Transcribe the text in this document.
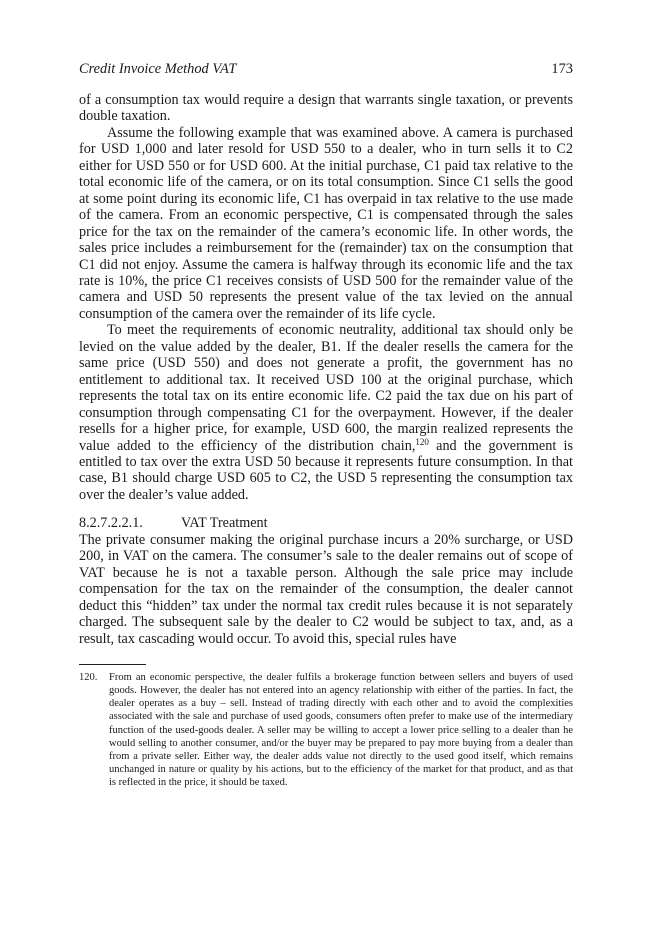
Credit Invoice Method VAT	173

of a consumption tax would require a design that warrants single taxation, or prevents double taxation.

Assume the following example that was examined above. A camera is purchased for USD 1,000 and later resold for USD 550 to a dealer, who in turn sells it to C2 either for USD 550 or for USD 600. At the initial purchase, C1 paid tax relative to the total economic life of the camera, or on its total consumption. Since C1 sells the good at some point during its economic life, C1 has overpaid in tax relative to the use made of the camera. From an economic perspective, C1 is compensated through the sales price for the tax on the remainder of the camera’s economic life. In other words, the sales price includes a reimbursement for the (remainder) tax on the consumption that C1 did not enjoy. Assume the camera is halfway through its economic life and the tax rate is 10%, the price C1 receives consists of USD 500 for the remainder value of the camera and USD 50 represents the present value of the tax levied on the annual consumption of the camera over the remainder of its life cycle.

To meet the requirements of economic neutrality, additional tax should only be levied on the value added by the dealer, B1. If the dealer resells the camera for the same price (USD 550) and does not generate a profit, the government has no entitlement to additional tax. It received USD 100 at the original purchase, which represents the total tax on its entire economic life. C2 paid the tax due on his part of consumption through compensating C1 for the overpayment. However, if the dealer resells for a higher price, for example, USD 600, the margin realized represents the value added to the efficiency of the distribution chain,$^{120}$ and the government is entitled to tax over the extra USD 50 because it represents future consumption. In that case, B1 should charge USD 605 to C2, the USD 5 representing the consumption tax over the dealer’s value added.

8.2.7.2.2.1.	VAT Treatment

The private consumer making the original purchase incurs a 20% surcharge, or USD 200, in VAT on the camera. The consumer’s sale to the dealer remains out of scope of VAT because he is not a taxable person. Although the sale price may include compensation for the tax on the remainder of the consumption, the dealer cannot deduct this “hidden” tax under the normal tax credit rules because it is not separately charged. The subsequent sale by the dealer to C2 would be subject to tax, and, as a result, tax cascading would occur. To avoid this, special rules have

120.	From an economic perspective, the dealer fulfils a brokerage function between sellers and buyers of used goods. However, the dealer has not entered into an agency relationship with either of the parties. In fact, the dealer operates as a buy – sell. Instead of trading directly with each other and to avoid the complexities associated with the sale and purchase of used goods, consumers often prefer to make use of the intermediary function of the used-goods dealer. A seller may be willing to accept a lower price selling to a dealer than he would selling to another consumer, and/or the buyer may be prepared to pay more buying from a dealer than from a private seller. Either way, the dealer adds value not directly to the used good itself, which remains unchanged in nature or quality by his actions, but to the efficiency of the market for that product, and as that is reflected in the price, it should be taxed.
